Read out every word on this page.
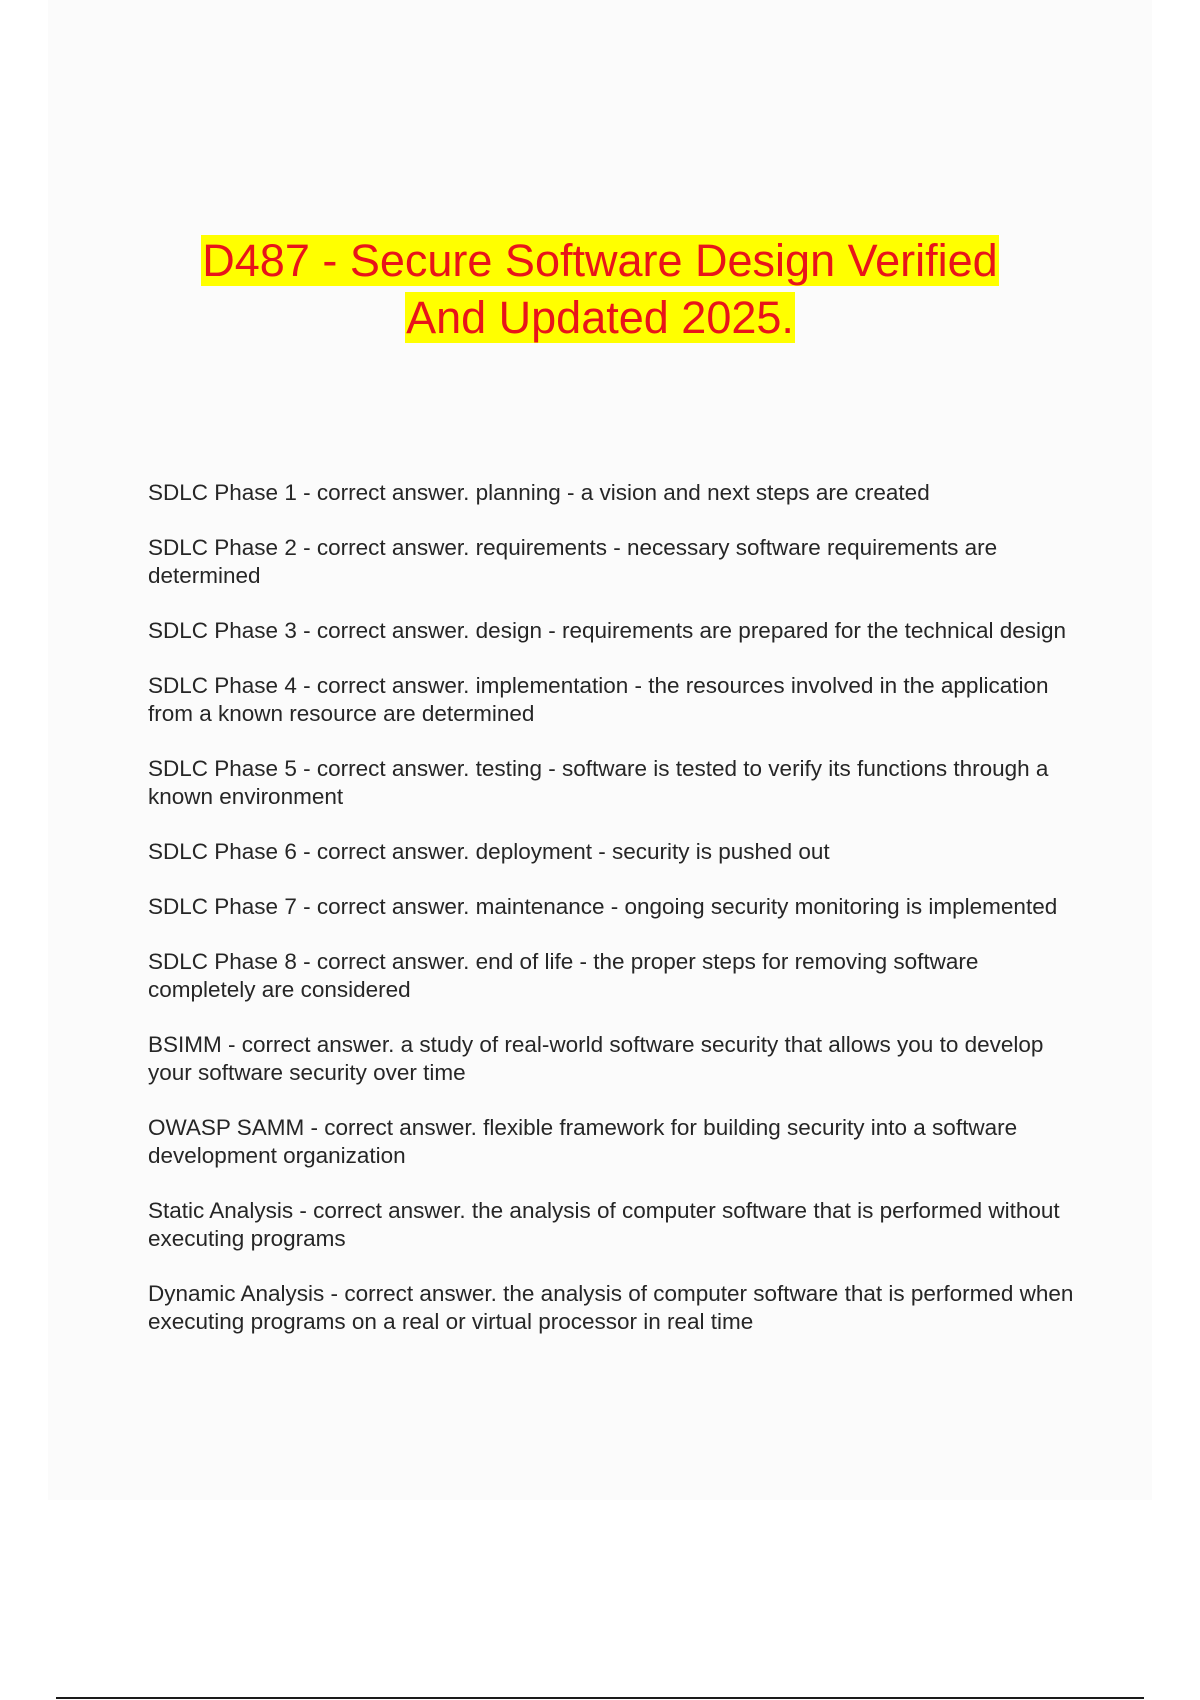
D487 - Secure Software Design Verified
And Updated 2025.

SDLC Phase 1 - correct answer. planning - a vision and next steps are created

SDLC Phase 2 - correct answer. requirements - necessary software requirements are determined

SDLC Phase 3 - correct answer. design - requirements are prepared for the technical design

SDLC Phase 4 - correct answer. implementation - the resources involved in the application from a known resource are determined

SDLC Phase 5 - correct answer. testing - software is tested to verify its functions through a known environment

SDLC Phase 6 - correct answer. deployment - security is pushed out

SDLC Phase 7 - correct answer. maintenance - ongoing security monitoring is implemented

SDLC Phase 8 - correct answer. end of life - the proper steps for removing software completely are considered

BSIMM - correct answer. a study of real-world software security that allows you to develop your software security over time

OWASP SAMM - correct answer. flexible framework for building security into a software development organization

Static Analysis - correct answer. the analysis of computer software that is performed without executing programs

Dynamic Analysis - correct answer. the analysis of computer software that is performed when executing programs on a real or virtual processor in real time
